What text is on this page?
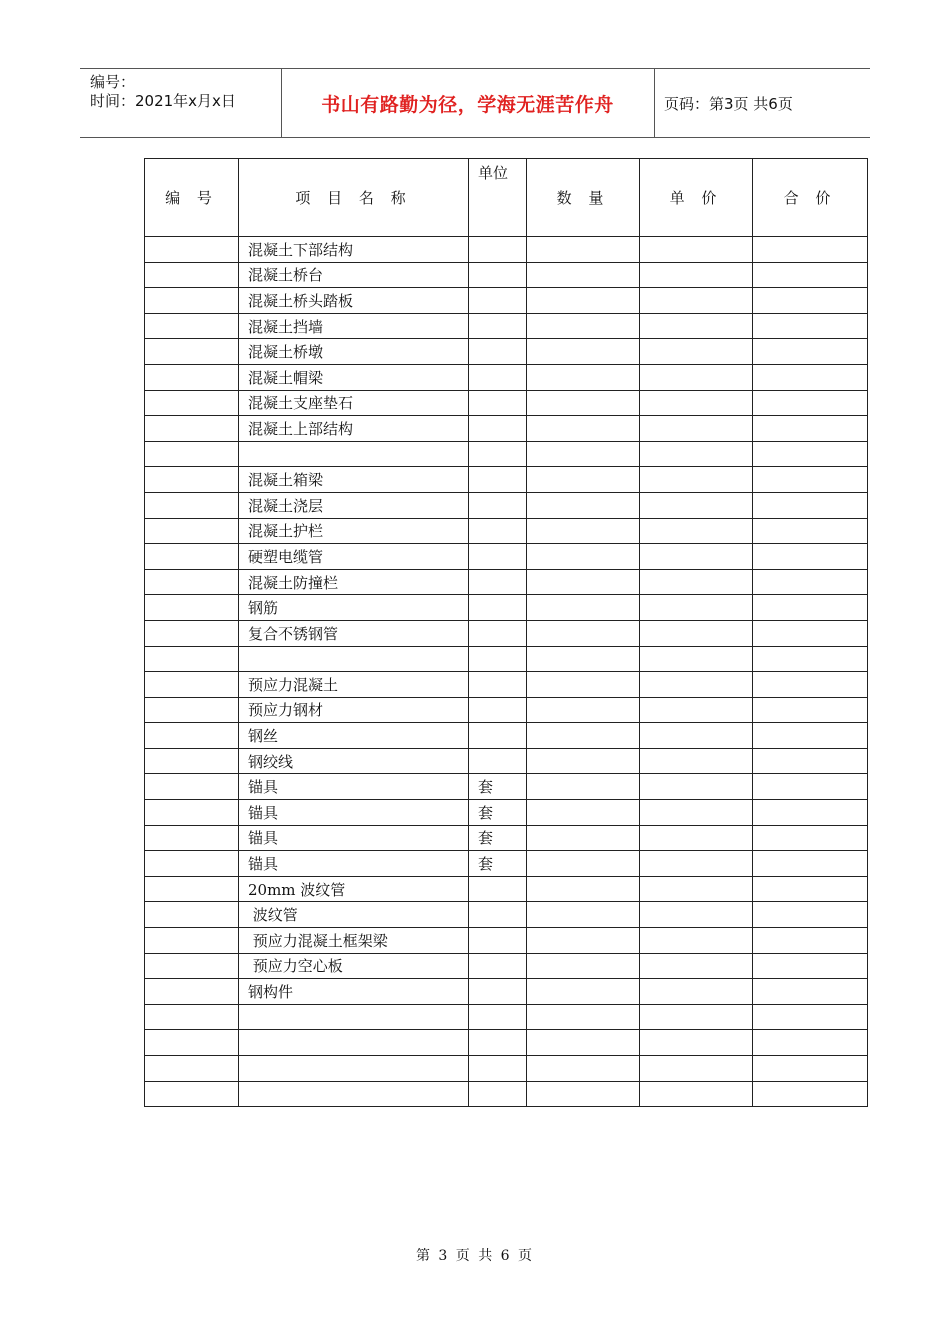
编号：
时间：2021年x月x日	书山有路勤为径，学海无涯苦作舟	页码：第3页 共6页
编 号	项 目 名 称	单位	数 量	单 价	合 价
	混凝土下部结构				
	混凝土桥台				
	混凝土桥头踏板				
	混凝土挡墙				
	混凝土桥墩				
	混凝土帽梁				
	混凝土支座垫石				
	混凝土上部结构				

	混凝土箱梁				
	混凝土浇层				
	混凝土护栏				
	硬塑电缆管				
	混凝土防撞栏				
	钢筋				
	复合不锈钢管				

	预应力混凝土				
	预应力钢材				
	钢丝				
	钢绞线				
	锚具	套			
	锚具	套			
	锚具	套			
	锚具	套			
	20mm 波纹管				
	波纹管				
	预应力混凝土框架梁				
	预应力空心板				
	钢构件				

第 3 页 共 6 页
